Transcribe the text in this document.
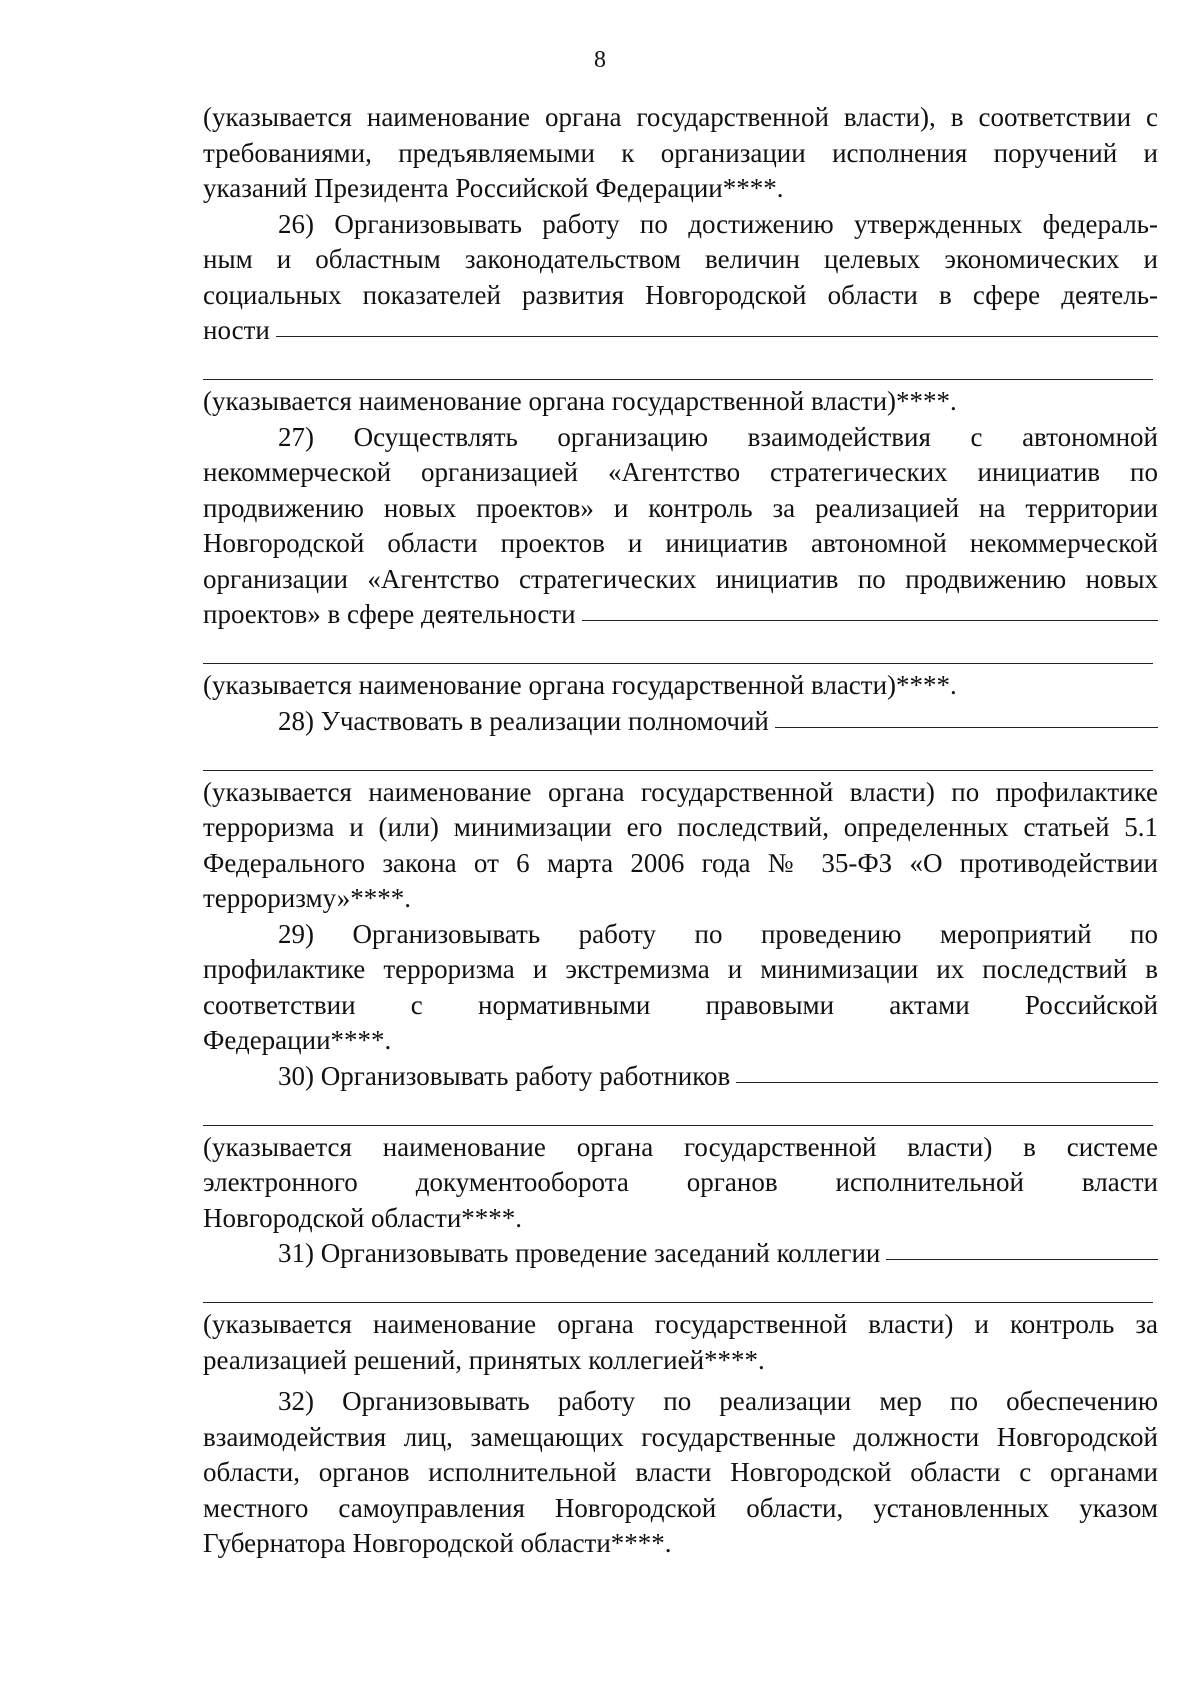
8
(указывается наименование органа государственной власти), в соответствии с
требованиями, предъявляемыми к организации исполнения поручений и
указаний Президента Российской Федерации****.
26) Организовывать работу по достижению утвержденных федераль-
ным и областным законодательством величин целевых экономических и
социальных показателей развития Новгородской области в сфере деятель-
ности
(указывается наименование органа государственной власти)****.
27) Осуществлять организацию взаимодействия с автономной
некоммерческой организацией «Агентство стратегических инициатив по
продвижению новых проектов» и контроль за реализацией на территории
Новгородской области проектов и инициатив автономной некоммерческой
организации «Агентство стратегических инициатив по продвижению новых
проектов» в сфере деятельности
(указывается наименование органа государственной власти)****.
28) Участвовать в реализации полномочий
(указывается наименование органа государственной власти) по профилактике
терроризма и (или) минимизации его последствий, определенных статьей 5.1
Федерального закона от 6 марта 2006 года № 35-ФЗ «О противодействии
терроризму»****.
29) Организовывать работу по проведению мероприятий по
профилактике терроризма и экстремизма и минимизации их последствий в
соответствии с нормативными правовыми актами Российской
Федерации****.
30) Организовывать работу работников
(указывается наименование органа государственной власти) в системе
электронного документооборота органов исполнительной власти
Новгородской области****.
31) Организовывать проведение заседаний коллегии
(указывается наименование органа государственной власти) и контроль за
реализацией решений, принятых коллегией****.
32) Организовывать работу по реализации мер по обеспечению
взаимодействия лиц, замещающих государственные должности Новгородской
области, органов исполнительной власти Новгородской области с органами
местного самоуправления Новгородской области, установленных указом
Губернатора Новгородской области****.
